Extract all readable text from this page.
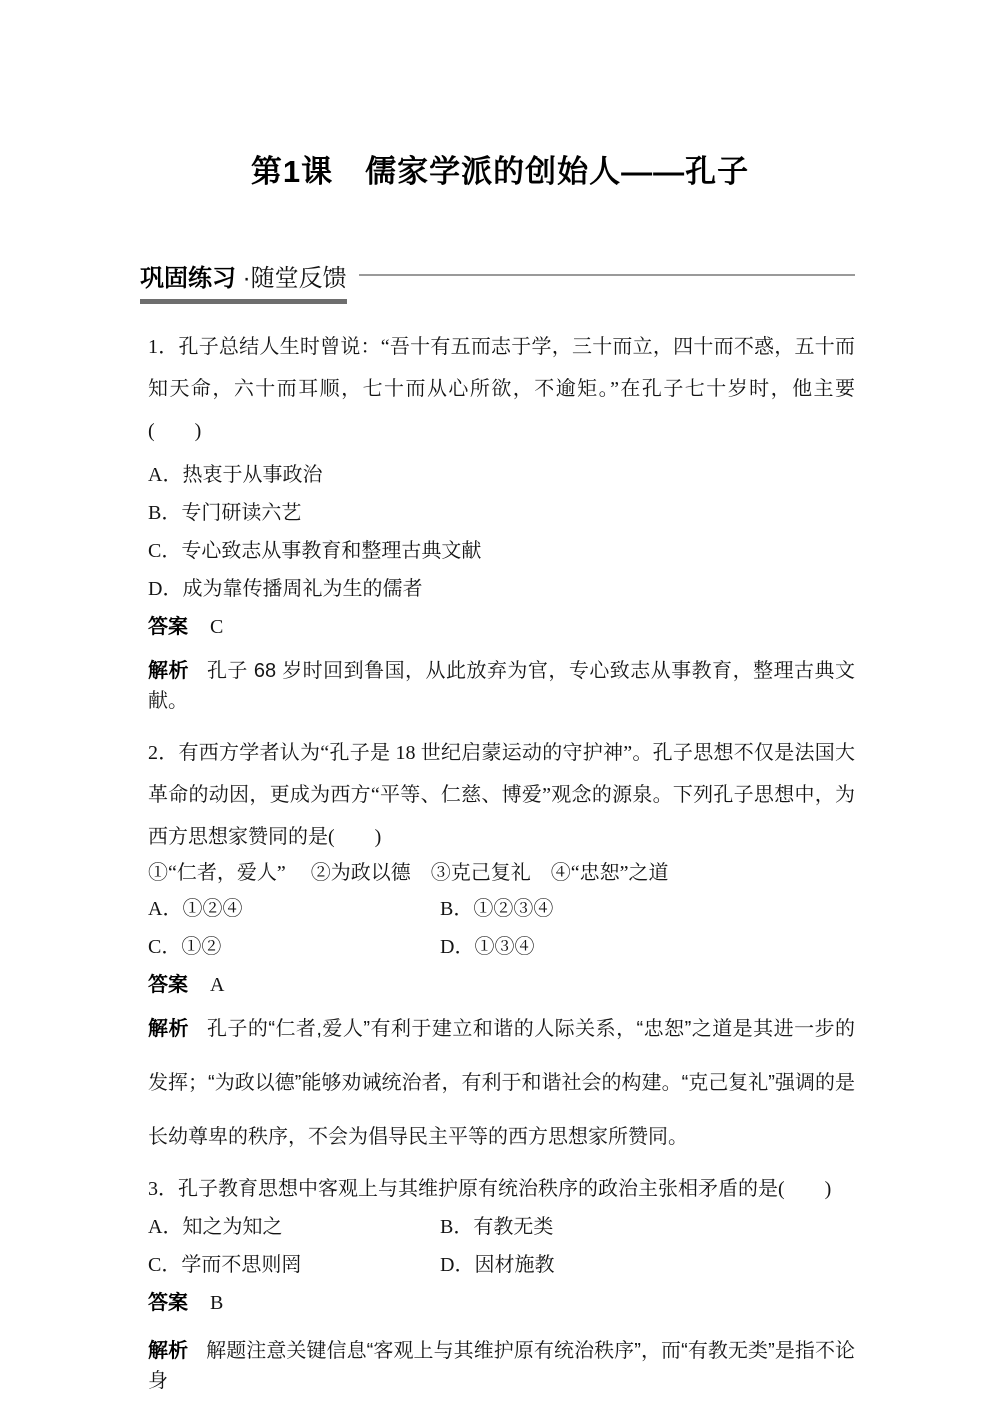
第1课　儒家学派的创始人——孔子
巩固练习 ·随堂反馈

1．孔子总结人生时曾说：“吾十有五而志于学，三十而立，四十而不惑，五十而知天命，六十而耳顺，七十而从心所欲，不逾矩。”在孔子七十岁时，他主要(　　)

A．热衷于从事政治

B．专门研读六艺

C．专心致志从事教育和整理古典文献

D．成为靠传播周礼为生的儒者

答案 C

解析 孔子 68 岁时回到鲁国，从此放弃为官，专心致志从事教育，整理古典文献。

2．有西方学者认为“孔子是 18 世纪启蒙运动的守护神”。孔子思想不仅是法国大革命的动因，更成为西方“平等、仁慈、博爱”观念的源泉。下列孔子思想中，为西方思想家赞同的是(　　)

①“仁者，爱人”　 ②为政以德　③克己复礼　④“忠恕”之道

A．①②④	B．①②③④
C．①②	D．①③④

答案 A

解析 孔子的“仁者,爱人”有利于建立和谐的人际关系，“忠恕”之道是其进一步的发挥；“为政以德”能够劝诫统治者，有利于和谐社会的构建。“克己复礼”强调的是长幼尊卑的秩序，不会为倡导民主平等的西方思想家所赞同。

3．孔子教育思想中客观上与其维护原有统治秩序的政治主张相矛盾的是(　　)

A．知之为知之	B．有教无类
C．学而不思则罔	D．因材施教

答案 B

解析 解题注意关键信息“客观上与其维护原有统治秩序”，而“有教无类”是指不论身
